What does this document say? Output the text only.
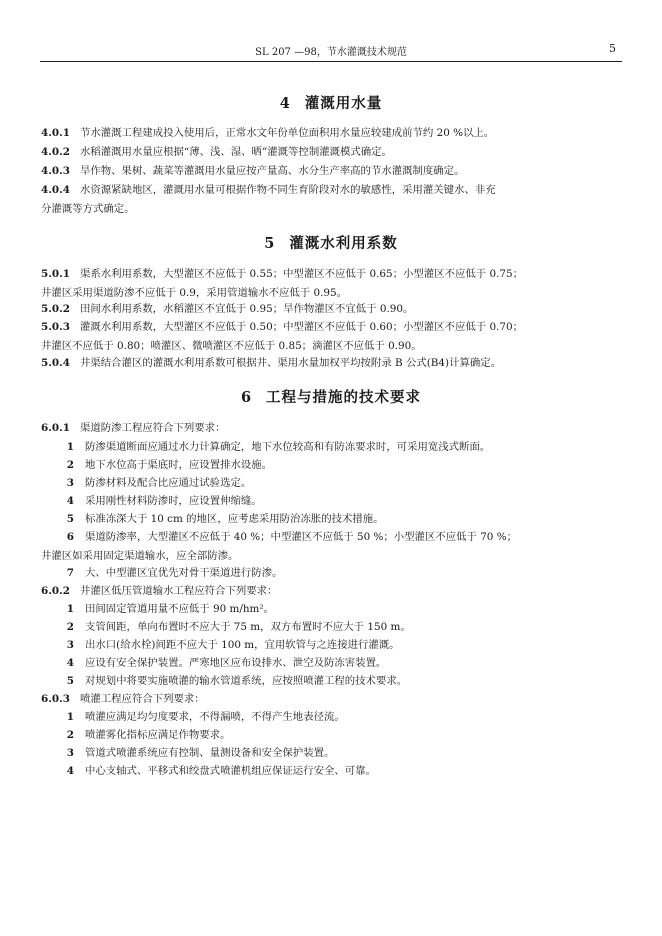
SL 207 —98，节水灌溉技术规范	5
4 灌溉用水量
4.0.1 节水灌溉工程建成投入使用后，正常水文年份单位面积用水量应较建成前节约 20 %以上。
4.0.2 水稻灌溉用水量应根据“薄、浅、湿、晒”灌溉等控制灌溉模式确定。
4.0.3 旱作物、果树、蔬菜等灌溉用水量应按产量高、水分生产率高的节水灌溉制度确定。
4.0.4 水资源紧缺地区，灌溉用水量可根据作物不同生育阶段对水的敏感性，采用灌关键水、非充
分灌溉等方式确定。
5 灌溉水利用系数
5.0.1 渠系水利用系数，大型灌区不应低于 0.55；中型灌区不应低于 0.65；小型灌区不应低于 0.75；
井灌区采用渠道防渗不应低于 0.9，采用管道输水不应低于 0.95。
5.0.2 田间水利用系数，水稻灌区不宜低于 0.95；旱作物灌区不宜低于 0.90。
5.0.3 灌溉水利用系数，大型灌区不应低于 0.50；中型灌区不应低于 0.60；小型灌区不应低于 0.70；
井灌区不应低于 0.80；喷灌区、微喷灌区不应低于 0.85；滴灌区不应低于 0.90。
5.0.4 井渠结合灌区的灌溉水利用系数可根据井、渠用水量加权平均按附录 B 公式(B4)计算确定。
6 工程与措施的技术要求
6.0.1 渠道防渗工程应符合下列要求：
1 防渗渠道断面应通过水力计算确定，地下水位较高和有防冻要求时，可采用宽浅式断面。
2 地下水位高于渠底时，应设置排水设施。
3 防渗材料及配合比应通过试验选定。
4 采用刚性材料防渗时，应设置伸缩缝。
5 标准冻深大于 10 cm 的地区，应考虑采用防治冻胀的技术措施。
6 渠道防渗率，大型灌区不应低于 40 %；中型灌区不应低于 50 %；小型灌区不应低于 70 %；
井灌区如采用固定渠道输水，应全部防渗。
7 大、中型灌区宜优先对骨干渠道进行防渗。
6.0.2 井灌区低压管道输水工程应符合下列要求：
1 田间固定管道用量不应低于 90 m/hm²。
2 支管间距，单向布置时不应大于 75 m，双方布置时不应大于 150 m。
3 出水口(给水栓)间距不应大于 100 m，宜用软管与之连接进行灌溉。
4 应设有安全保护装置。严寒地区应布设排水、泄空及防冻害装置。
5 对规划中将要实施喷灌的输水管道系统，应按照喷灌工程的技术要求。
6.0.3 喷灌工程应符合下列要求：
1 喷灌应满足均匀度要求，不得漏喷，不得产生地表径流。
2 喷灌雾化指标应满足作物要求。
3 管道式喷灌系统应有控制、量测设备和安全保护装置。
4 中心支轴式、平移式和绞盘式喷灌机组应保证运行安全、可靠。
